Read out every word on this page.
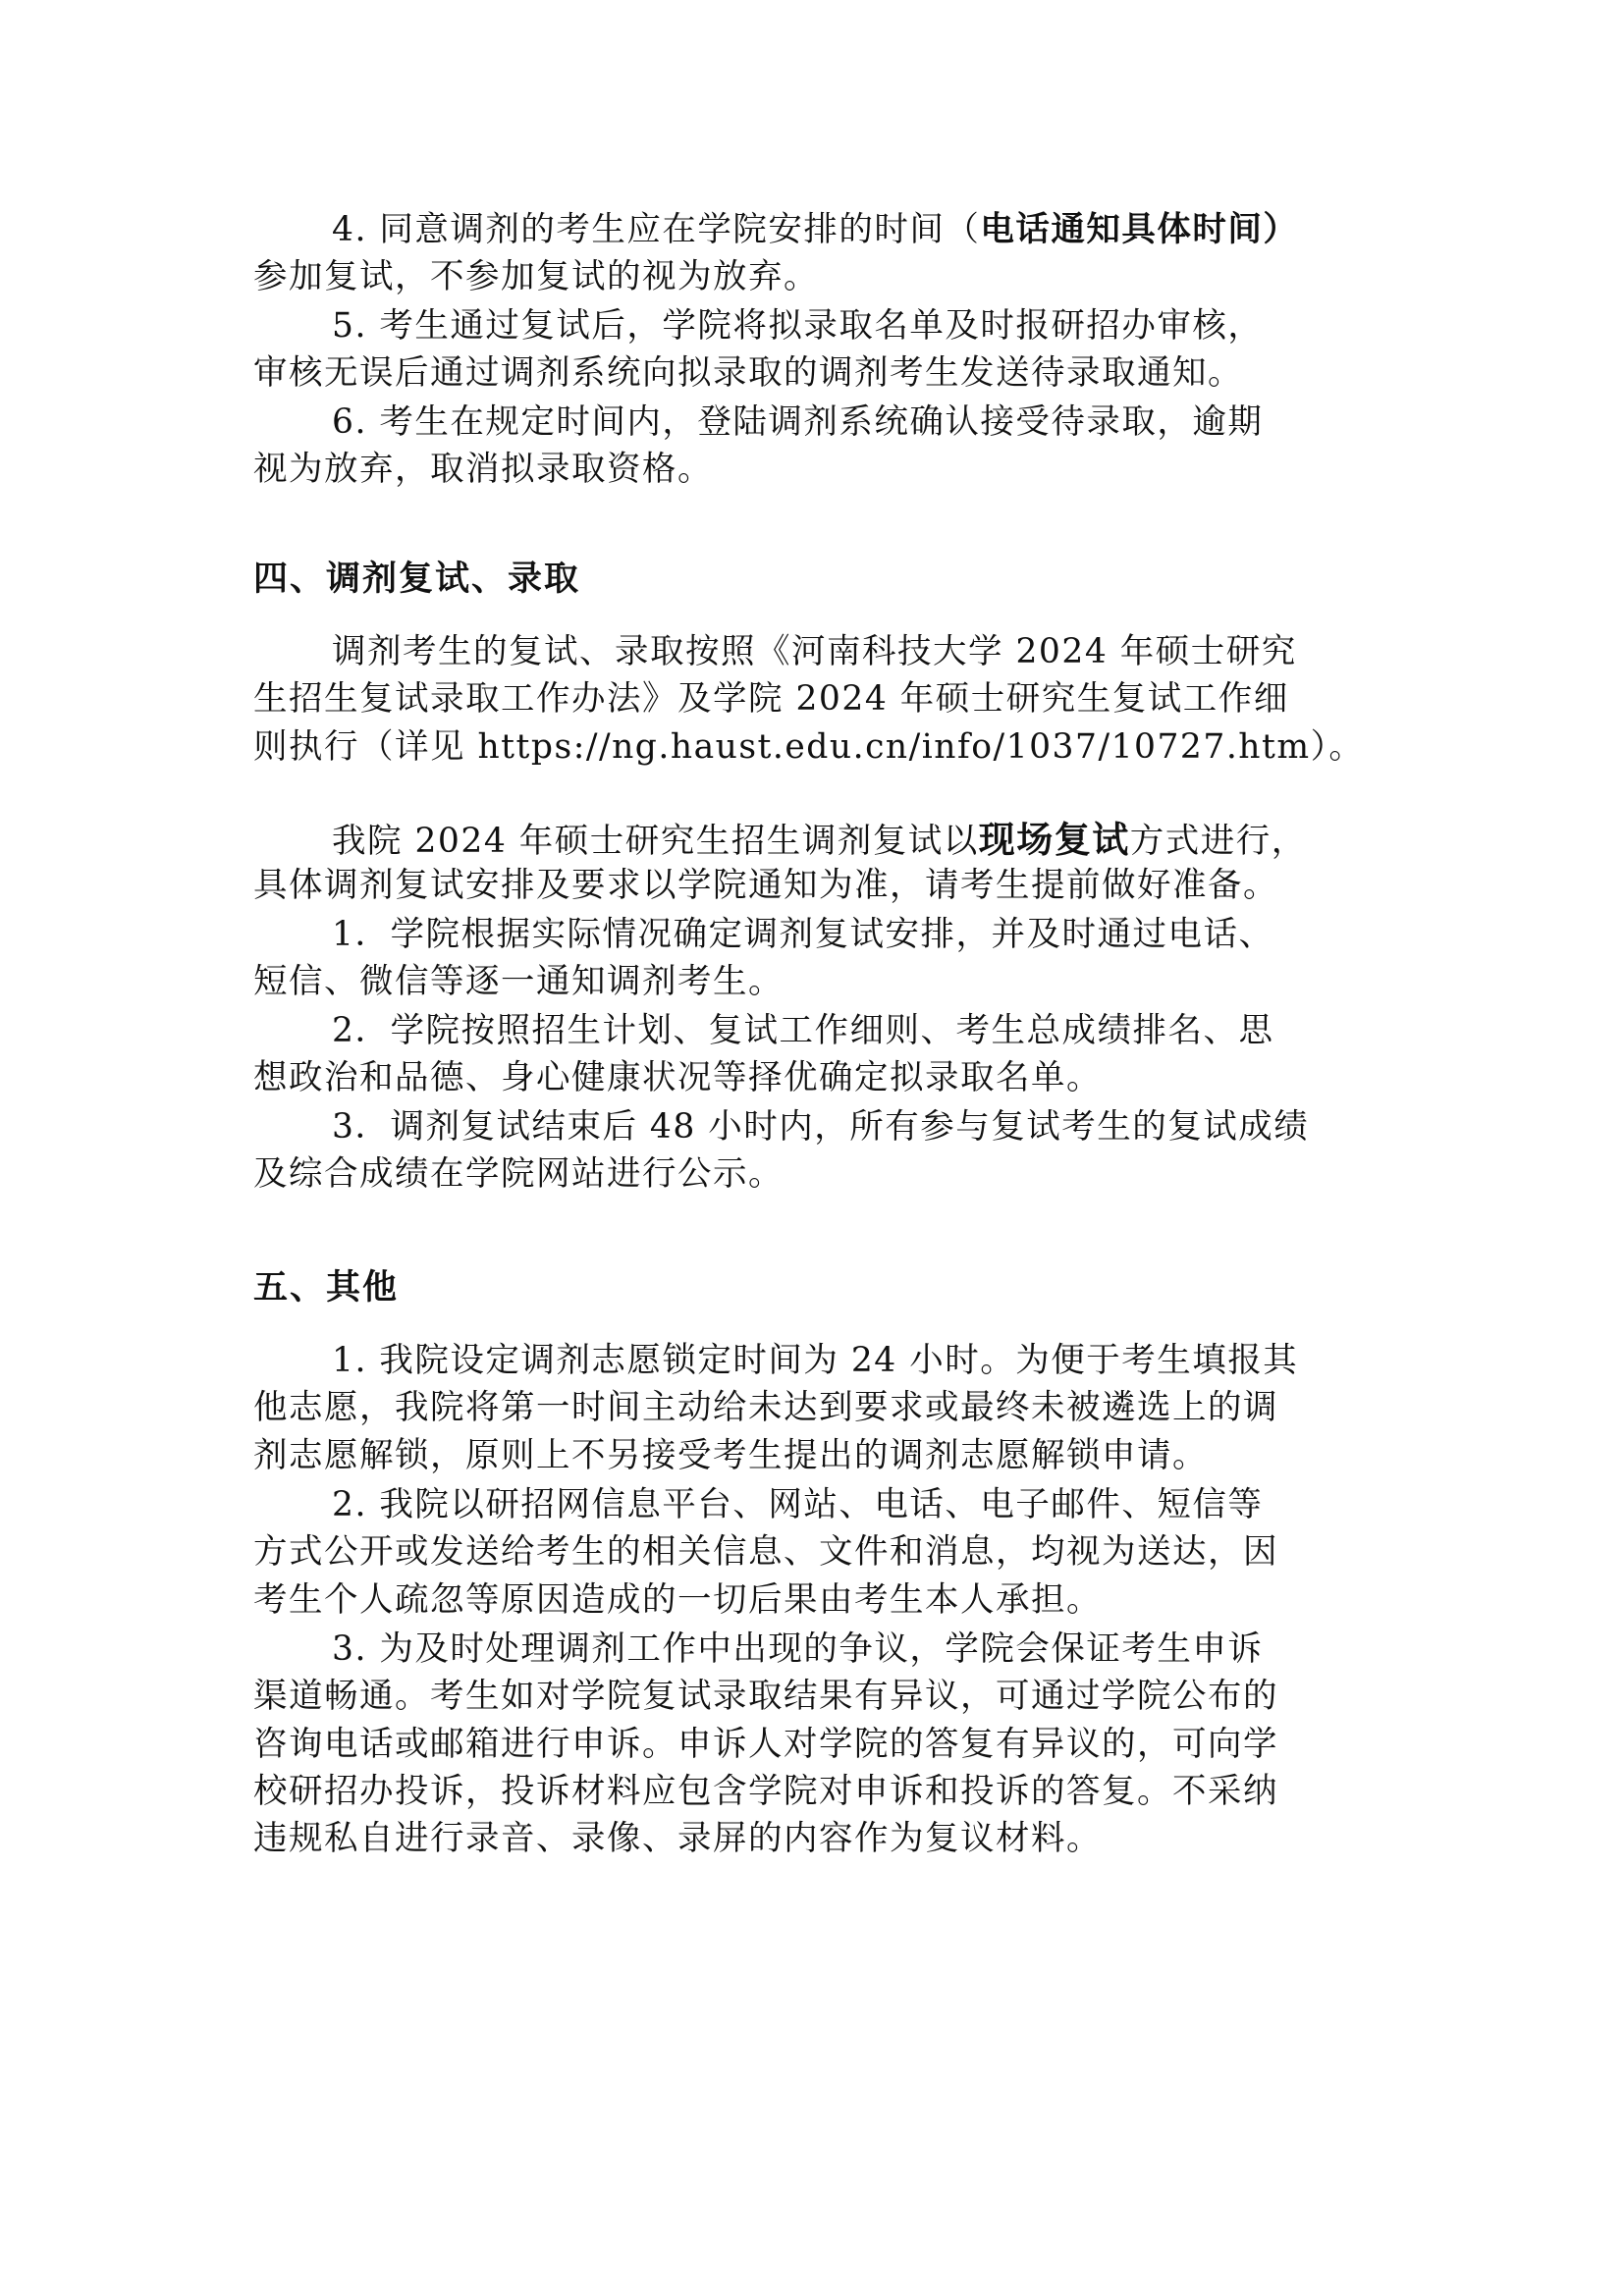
4. 同意调剂的考生应在学院安排的时间（电话通知具体时间）
参加复试，不参加复试的视为放弃。
5. 考生通过复试后，学院将拟录取名单及时报研招办审核，
审核无误后通过调剂系统向拟录取的调剂考生发送待录取通知。
6. 考生在规定时间内，登陆调剂系统确认接受待录取，逾期
视为放弃，取消拟录取资格。
四、调剂复试、录取
调剂考生的复试、录取按照《河南科技大学 2024 年硕士研究
生招生复试录取工作办法》及学院 2024 年硕士研究生复试工作细
则执行（详见 https://ng.haust.edu.cn/info/1037/10727.htm）。
我院 2024 年硕士研究生招生调剂复试以现场复试方式进行，
具体调剂复试安排及要求以学院通知为准，请考生提前做好准备。
1．学院根据实际情况确定调剂复试安排，并及时通过电话、
短信、微信等逐一通知调剂考生。
2．学院按照招生计划、复试工作细则、考生总成绩排名、思
想政治和品德、身心健康状况等择优确定拟录取名单。
3．调剂复试结束后 48 小时内，所有参与复试考生的复试成绩
及综合成绩在学院网站进行公示。
五、其他
1. 我院设定调剂志愿锁定时间为 24 小时。为便于考生填报其
他志愿，我院将第一时间主动给未达到要求或最终未被遴选上的调
剂志愿解锁，原则上不另接受考生提出的调剂志愿解锁申请。
2. 我院以研招网信息平台、网站、电话、电子邮件、短信等
方式公开或发送给考生的相关信息、文件和消息，均视为送达，因
考生个人疏忽等原因造成的一切后果由考生本人承担。
3. 为及时处理调剂工作中出现的争议，学院会保证考生申诉
渠道畅通。考生如对学院复试录取结果有异议，可通过学院公布的
咨询电话或邮箱进行申诉。申诉人对学院的答复有异议的，可向学
校研招办投诉，投诉材料应包含学院对申诉和投诉的答复。不采纳
违规私自进行录音、录像、录屏的内容作为复议材料。
